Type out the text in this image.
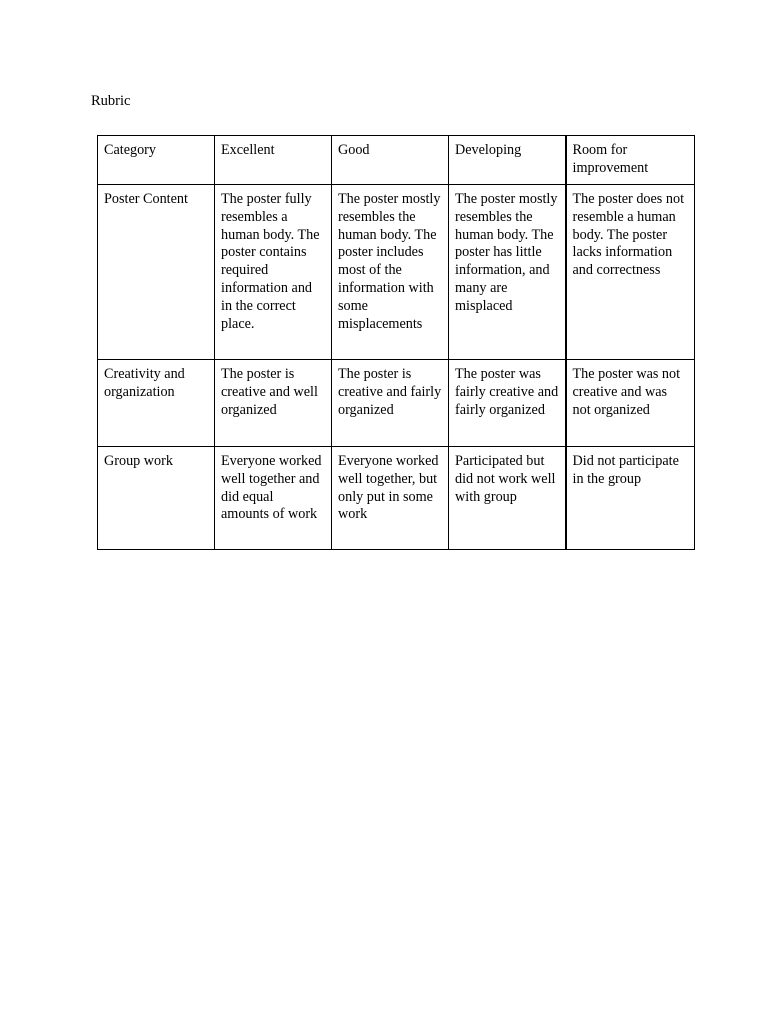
Rubric
Category	Excellent	Good	Developing	Room for improvement
Poster Content	The poster fully resembles a human body. The poster contains required information and in the correct place.	The poster mostly resembles the human body. The poster includes most of the information with some misplacements	The poster mostly resembles the human body. The poster has little information, and many are misplaced	The poster does not resemble a human body. The poster lacks information and correctness
Creativity and organization	The poster is creative and well organized	The poster is creative and fairly organized	The poster was fairly creative and fairly organized	The poster was not creative and was not organized
Group work	Everyone worked well together and did equal amounts of work	Everyone worked well together, but only put in some work	Participated but did not work well with group	Did not participate in the group
